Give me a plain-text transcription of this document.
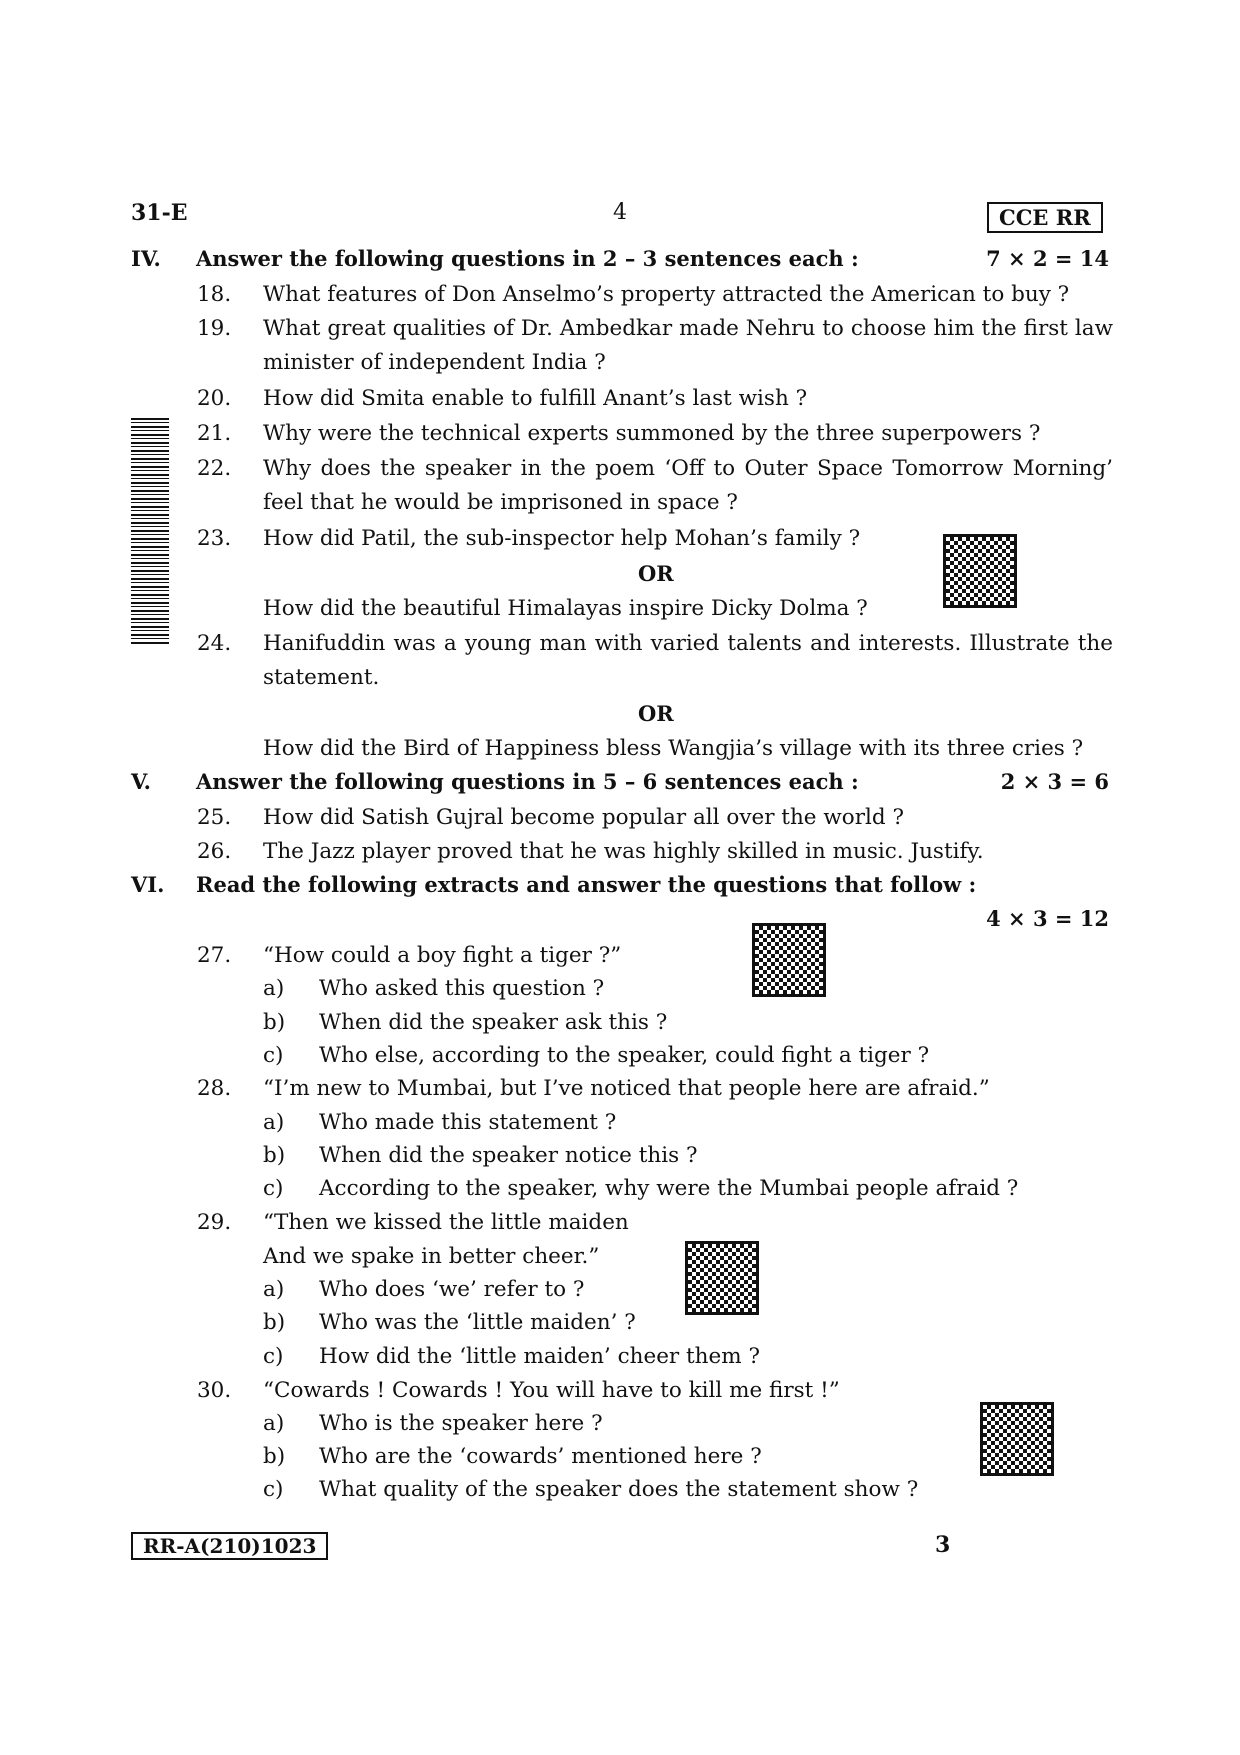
31-E	4	CCE RR
IV. Answer the following questions in 2 – 3 sentences each :	7 × 2 = 14
18. What features of Don Anselmo’s property attracted the American to buy ?
19. What great qualities of Dr. Ambedkar made Nehru to choose him the first law minister of independent India ?
20. How did Smita enable to fulfill Anant’s last wish ?
21. Why were the technical experts summoned by the three superpowers ?
22. Why does the speaker in the poem ‘Off to Outer Space Tomorrow Morning’ feel that he would be imprisoned in space ?
23. How did Patil, the sub-inspector help Mohan’s family ?
OR
How did the beautiful Himalayas inspire Dicky Dolma ?
24. Hanifuddin was a young man with varied talents and interests. Illustrate the statement.
OR
How did the Bird of Happiness bless Wangjia’s village with its three cries ?
V. Answer the following questions in 5 – 6 sentences each :	2 × 3 = 6
25. How did Satish Gujral become popular all over the world ?
26. The Jazz player proved that he was highly skilled in music. Justify.
VI. Read the following extracts and answer the questions that follow :
4 × 3 = 12
27. “How could a boy fight a tiger ?”
a) Who asked this question ?
b) When did the speaker ask this ?
c) Who else, according to the speaker, could fight a tiger ?
28. “I’m new to Mumbai, but I’ve noticed that people here are afraid.”
a) Who made this statement ?
b) When did the speaker notice this ?
c) According to the speaker, why were the Mumbai people afraid ?
29. “Then we kissed the little maiden
And we spake in better cheer.”
a) Who does ‘we’ refer to ?
b) Who was the ‘little maiden’ ?
c) How did the ‘little maiden’ cheer them ?
30. “Cowards ! Cowards ! You will have to kill me first !”
a) Who is the speaker here ?
b) Who are the ‘cowards’ mentioned here ?
c) What quality of the speaker does the statement show ?
RR-A(210)1023	3
